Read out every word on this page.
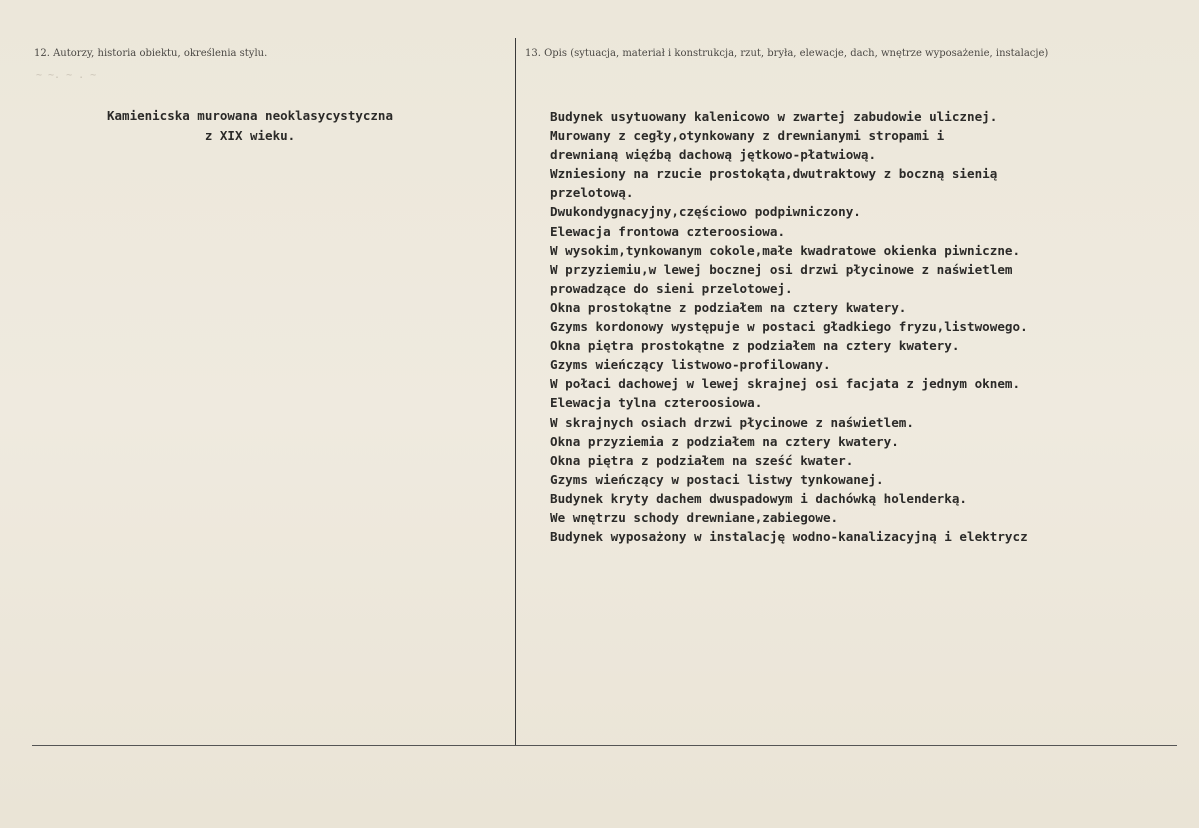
12. Autorzy, historia obiektu, określenia stylu.	13. Opis (sytuacja, materiał i konstrukcja, rzut, bryła, elewacje, dach, wnętrze wyposażenie, instalacje)
~ ~. ~ . ~
Kamienicska murowana neoklasycystyczna
z XIX wieku.
Budynek usytuowany kalenicowo w zwartej zabudowie ulicznej.
Murowany z cegły,otynkowany z drewnianymi stropami i
drewnianą więźbą dachową jętkowo-płatwiową.
Wzniesiony na rzucie prostokąta,dwutraktowy z boczną sienią
przelotową.
Dwukondygnacyjny,częściowo podpiwniczony.
Elewacja frontowa czteroosiowa.
W wysokim,tynkowanym cokole,małe kwadratowe okienka piwniczne.
W przyziemiu,w lewej bocznej osi drzwi płycinowe z naświetlem
prowadzące do sieni przelotowej.
Okna prostokątne z podziałem na cztery kwatery.
Gzyms kordonowy występuje w postaci gładkiego fryzu,listwowego.
Okna piętra prostokątne z podziałem na cztery kwatery.
Gzyms wieńczący listwowo-profilowany.
W połaci dachowej w lewej skrajnej osi facjata z jednym oknem.
Elewacja tylna czteroosiowa.
W skrajnych osiach drzwi płycinowe z naświetlem.
Okna przyziemia z podziałem na cztery kwatery.
Okna piętra z podziałem na sześć kwater.
Gzyms wieńczący w postaci listwy tynkowanej.
Budynek kryty dachem dwuspadowym i dachówką holenderką.
We wnętrzu schody drewniane,zabiegowe.
Budynek wyposażony w instalację wodno-kanalizacyjną i elektrycz
